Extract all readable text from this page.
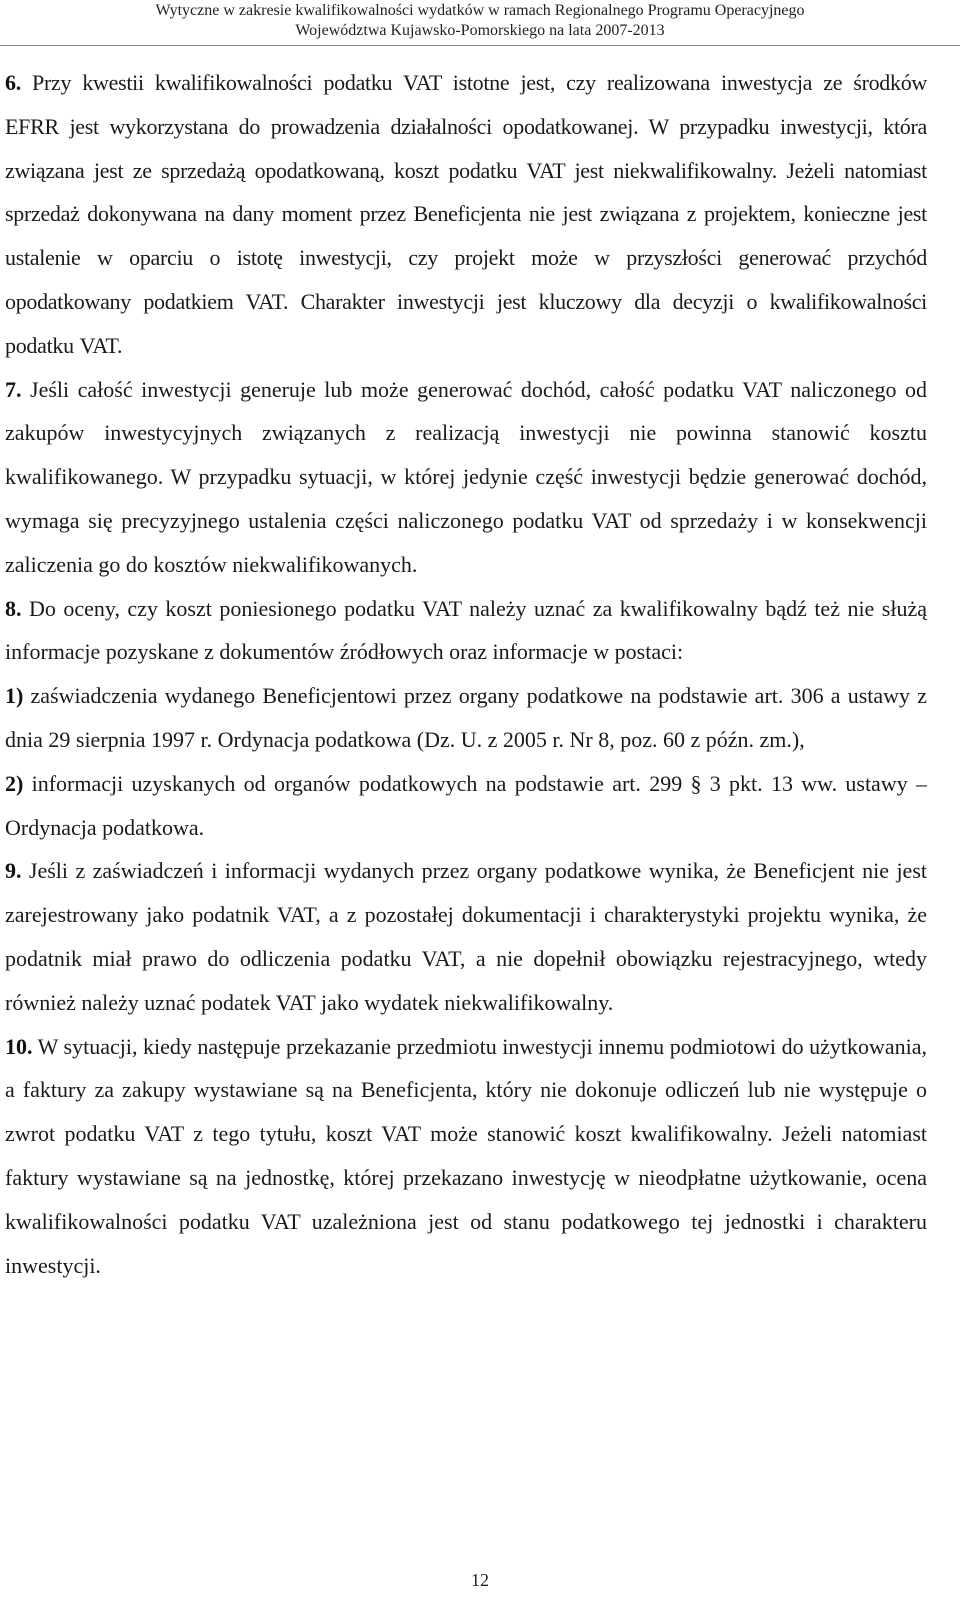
Wytyczne w zakresie kwalifikowalności wydatków w ramach Regionalnego Programu Operacyjnego
Województwa Kujawsko-Pomorskiego na lata 2007-2013

6. Przy kwestii kwalifikowalności podatku VAT istotne jest, czy realizowana inwestycja ze środków EFRR jest wykorzystana do prowadzenia działalności opodatkowanej. W przypadku inwestycji, która związana jest ze sprzedażą opodatkowaną, koszt podatku VAT jest niekwalifikowalny. Jeżeli natomiast sprzedaż dokonywana na dany moment przez Beneficjenta nie jest związana z projektem, konieczne jest ustalenie w oparciu o istotę inwestycji, czy projekt może w przyszłości generować przychód opodatkowany podatkiem VAT. Charakter inwestycji jest kluczowy dla decyzji o kwalifikowalności podatku VAT.

7. Jeśli całość inwestycji generuje lub może generować dochód, całość podatku VAT naliczonego od zakupów inwestycyjnych związanych z realizacją inwestycji nie powinna stanowić kosztu kwalifikowanego. W przypadku sytuacji, w której jedynie część inwestycji będzie generować dochód, wymaga się precyzyjnego ustalenia części naliczonego podatku VAT od sprzedaży i w konsekwencji zaliczenia go do kosztów niekwalifikowanych.

8. Do oceny, czy koszt poniesionego podatku VAT należy uznać za kwalifikowalny bądź też nie służą informacje pozyskane z dokumentów źródłowych oraz informacje w postaci:

1) zaświadczenia wydanego Beneficjentowi przez organy podatkowe na podstawie art. 306 a ustawy z dnia 29 sierpnia 1997 r. Ordynacja podatkowa (Dz. U. z 2005 r. Nr 8, poz. 60 z późn. zm.),

2) informacji uzyskanych od organów podatkowych na podstawie art. 299 § 3 pkt. 13 ww. ustawy – Ordynacja podatkowa.

9. Jeśli z zaświadczeń i informacji wydanych przez organy podatkowe wynika, że Beneficjent nie jest zarejestrowany jako podatnik VAT, a z pozostałej dokumentacji i charakterystyki projektu wynika, że podatnik miał prawo do odliczenia podatku VAT, a nie dopełnił obowiązku rejestracyjnego, wtedy również należy uznać podatek VAT jako wydatek niekwalifikowalny.

10. W sytuacji, kiedy następuje przekazanie przedmiotu inwestycji innemu podmiotowi do użytkowania, a faktury za zakupy wystawiane są na Beneficjenta, który nie dokonuje odliczeń lub nie występuje o zwrot podatku VAT z tego tytułu, koszt VAT może stanowić koszt kwalifikowalny. Jeżeli natomiast faktury wystawiane są na jednostkę, której przekazano inwestycję w nieodpłatne użytkowanie, ocena kwalifikowalności podatku VAT uzależniona jest od stanu podatkowego tej jednostki i charakteru inwestycji.

12
